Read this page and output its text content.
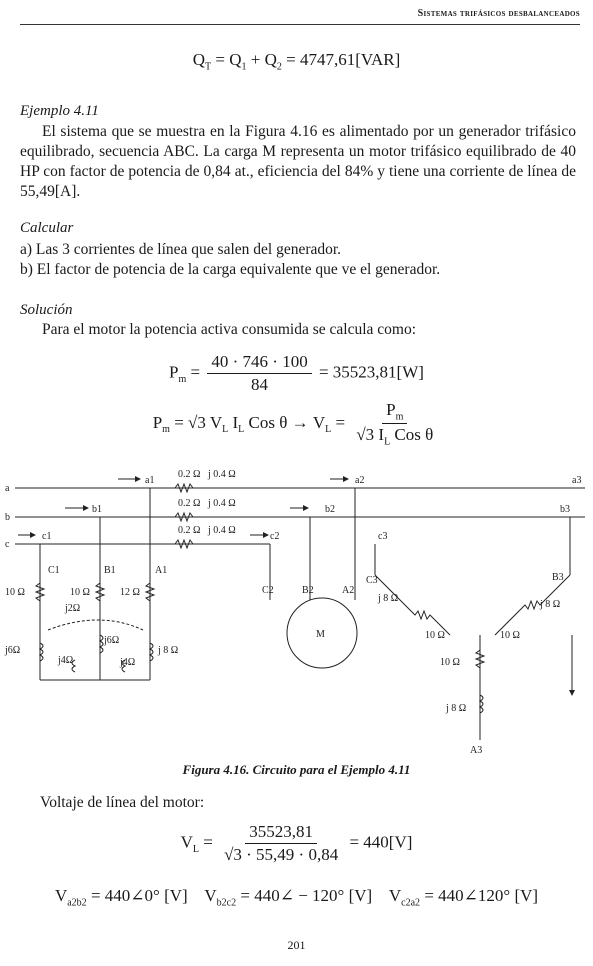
Sistemas trifásicos desbalanceados
$Q_T = Q_1 + Q_2 = 4747,61[VAR]$
Ejemplo 4.11
El sistema que se muestra en la Figura 4.16 es alimentado por un generador trifásico equilibrado, secuencia ABC. La carga M representa un motor trifásico equilibrado de 40 HP con factor de potencia de 0,84 at., eficiencia del 84% y tiene una corriente de línea de 55,49[A].
Calcular
a) Las 3 corrientes de línea que salen del generador.
b) El factor de potencia de la carga equivalente que ve el generador.
Solución
Para el motor la potencia activa consumida se calcula como:
$P_m = \frac{40 \cdot 746 \cdot 100}{84} = 35523,81[W]$
$P_m = √3$ $V_L$ $I_L$ Cos $\theta \to V_L = \frac{P_m}{√3 I_L Cos \theta}$
a
b
c
a1
b1
c1
a2
b2
c2
a3
b3
c3
0.2 Ω j 0.4 Ω
0.2 Ω j 0.4 Ω
0.2 Ω j 0.4 Ω
C1	B1	A1
10 Ω	10 Ω	12 Ω
j2Ω
j6Ω
j6Ω
j4Ω	j4Ω
j 8 Ω
C2	B2	A2
M
C3	B3
A3
j 8 Ω
j 8 Ω
10 Ω	10 Ω
10 Ω
j 8 Ω
Figura 4.16. Circuito para el Ejemplo 4.11
Voltaje de línea del motor:
$V_L = \frac{35523,81}{√3 \cdot 55,49 \cdot 0,84} = 440[V]$
$V_{a2b2}$ = 440∠0° [V] $V_{b2c2}$ = 440∠ − 120° [V] $V_{c2a2}$ = 440∠120° [V]
201
